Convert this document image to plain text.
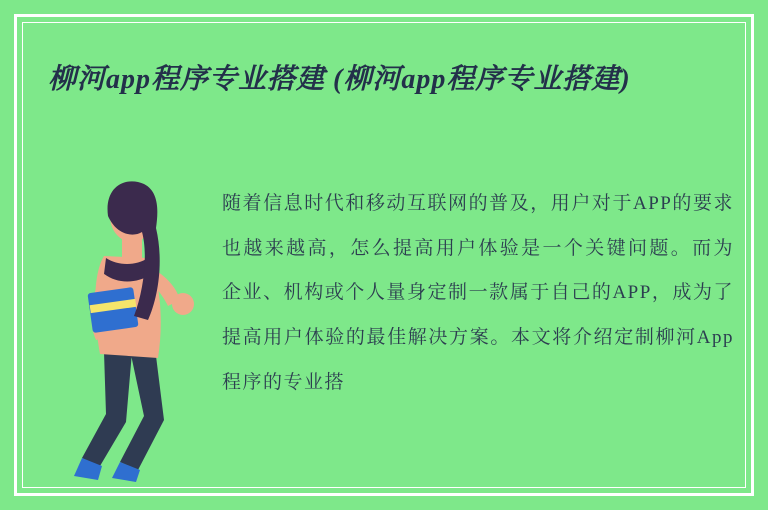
柳河app程序专业搭建 (柳河app程序专业搭建)
随着信息时代和移动互联网的普及，用户对于APP的要求也越来越高，怎么提高用户体验是一个关键问题。而为企业、机构或个人量身定制一款属于自己的APP，成为了提高用户体验的最佳解决方案。本文将介绍定制柳河App程序的专业搭
